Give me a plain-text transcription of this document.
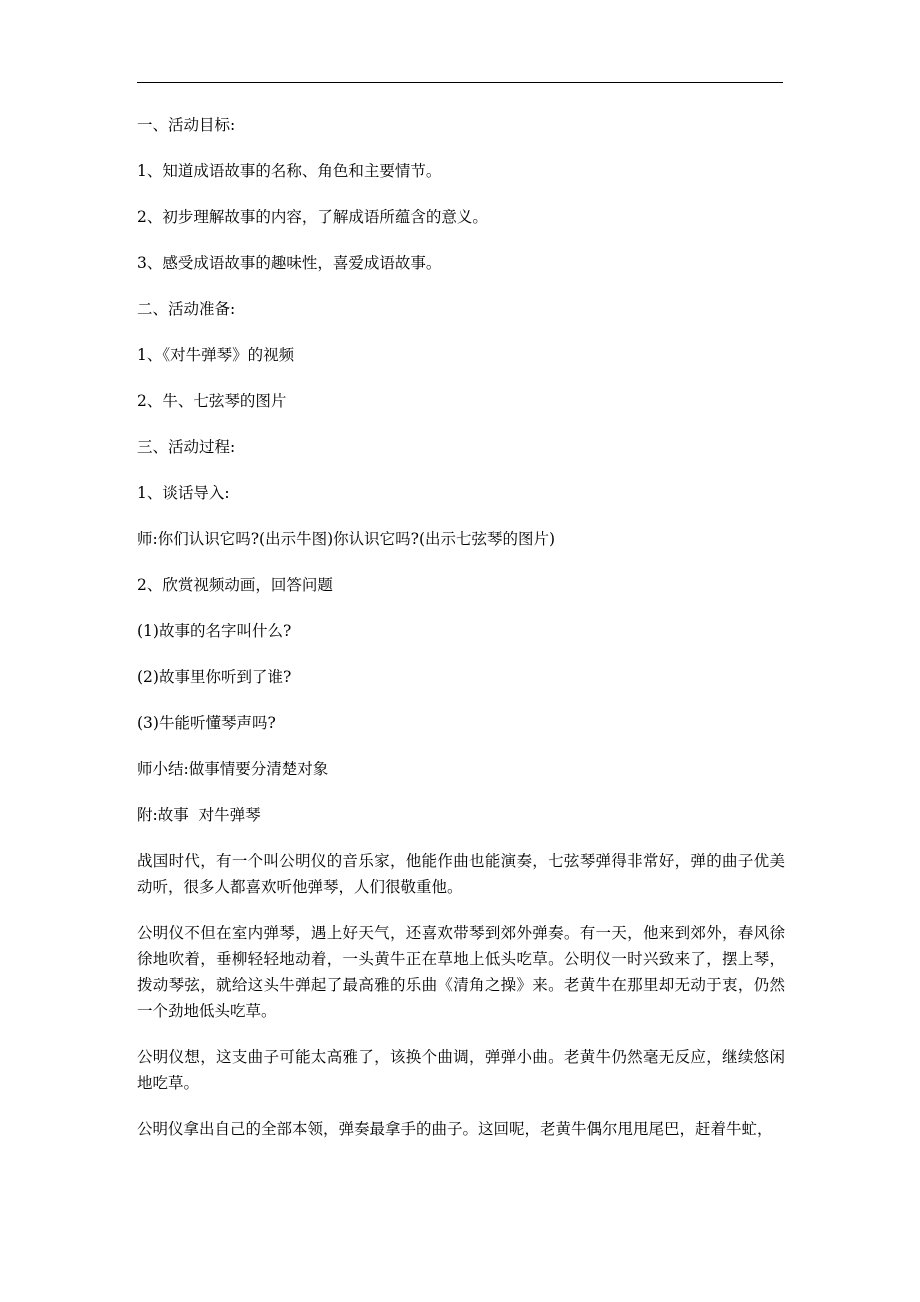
一、活动目标:
1、知道成语故事的名称、角色和主要情节。
2、初步理解故事的内容，了解成语所蕴含的意义。
3、感受成语故事的趣味性，喜爱成语故事。
二、活动准备:
1、《对牛弹琴》的视频
2、牛、七弦琴的图片
三、活动过程:
1、谈话导入:
师:你们认识它吗?(出示牛图)你认识它吗?(出示七弦琴的图片)
2、欣赏视频动画，回答问题
(1)故事的名字叫什么?
(2)故事里你听到了谁?
(3)牛能听懂琴声吗?
师小结:做事情要分清楚对象
附:故事  对牛弹琴
战国时代，有一个叫公明仪的音乐家，他能作曲也能演奏，七弦琴弹得非常好，弹的曲子优美动听，很多人都喜欢听他弹琴，人们很敬重他。
公明仪不但在室内弹琴，遇上好天气，还喜欢带琴到郊外弹奏。有一天，他来到郊外，春风徐徐地吹着，垂柳轻轻地动着，一头黄牛正在草地上低头吃草。公明仪一时兴致来了，摆上琴，拨动琴弦，就给这头牛弹起了最高雅的乐曲《清角之操》来。老黄牛在那里却无动于衷，仍然一个劲地低头吃草。
公明仪想，这支曲子可能太高雅了，该换个曲调，弹弹小曲。老黄牛仍然毫无反应，继续悠闲地吃草。
公明仪拿出自己的全部本领，弹奏最拿手的曲子。这回呢，老黄牛偶尔甩甩尾巴，赶着牛虻，
